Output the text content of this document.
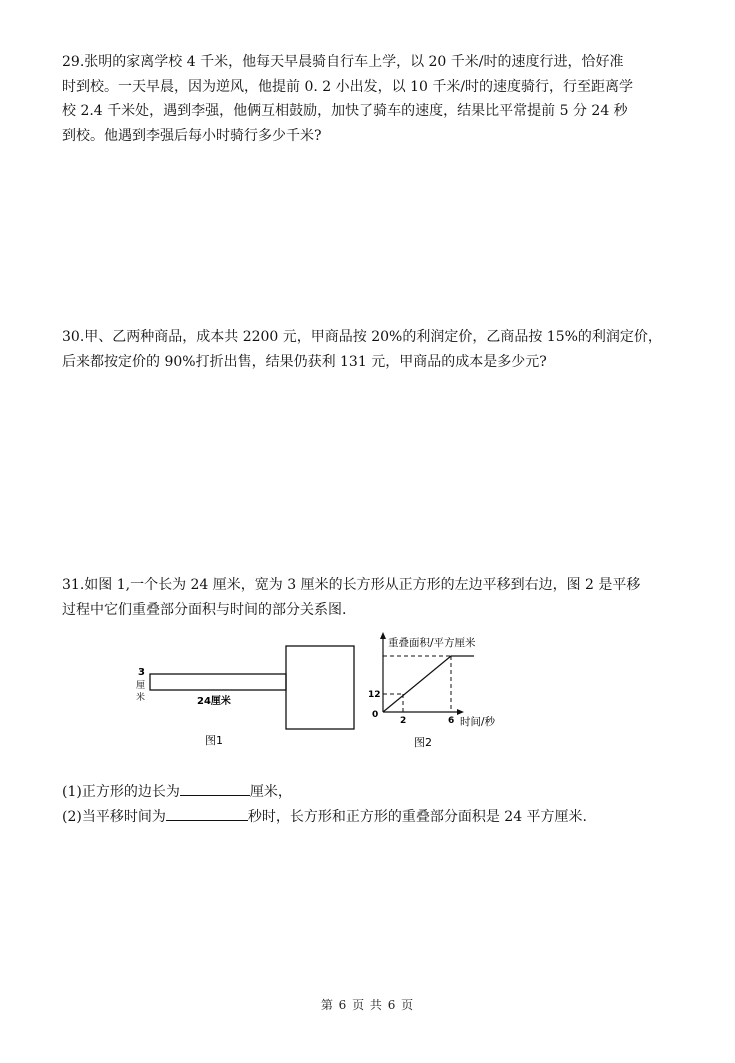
29.张明的家离学校 4 千米，他每天早晨骑自行车上学，以 20 千米/时的速度行进，恰好准
时到校。一天早晨，因为逆风，他提前 0. 2 小出发，以 10 千米/时的速度骑行，行至距离学
校 2.4 千米处，遇到李强，他俩互相鼓励，加快了骑车的速度，结果比平常提前 5 分 24 秒
到校。他遇到李强后每小时骑行多少千米?
30.甲、乙两种商品，成本共 2200 元，甲商品按 20%的利润定价，乙商品按 15%的利润定价，
后来都按定价的 90%打折出售，结果仍获利 131 元，甲商品的成本是多少元?
31.如图 1,一个长为 24 厘米，宽为 3 厘米的长方形从正方形的左边平移到右边，图 2 是平移
过程中它们重叠部分面积与时间的部分关系图.
3
厘
米	24厘米
图1
重叠面积/平方厘米
0
12
2	6 时间/秒
图2
(1)正方形的边长为	厘米，
(2)当平移时间为	秒时，长方形和正方形的重叠部分面积是 24 平方厘米.
第 6 页 共 6 页
